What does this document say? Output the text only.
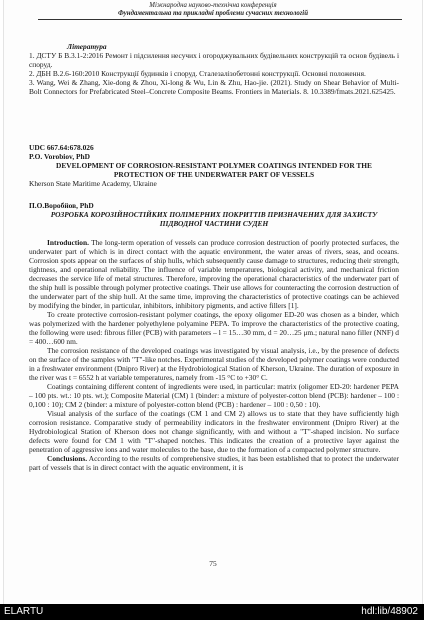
Міжнародна науково-технічна конференція
Фундаментальна та прикладні проблеми сучасних технологій
Література

1. ДСТУ Б В.3.1-2:2016 Ремонт і підсилення несучих і огороджувальних будівельних конструкцій та основ будівель і споруд.

2. ДБН В.2.6-160:2010 Конструкції будинків і споруд. Сталезалізобетонні конструкції. Основні положення.

3. Wang, Wei & Zhang, Xie-dong & Zhou, Xi-long & Wu, Lin & Zhu, Hao-jie. (2021). Study on Shear Behavior of Multi-Bolt Connectors for Prefabricated Steel–Concrete Composite Beams. Frontiers in Materials. 8. 10.3389/fmats.2021.625425.

UDC 667.64:678.026

P.O. Vorobiov, PhD

DEVELOPMENT OF CORROSION-RESISTANT POLYMER COATINGS INTENDED FOR THE PROTECTION OF THE UNDERWATER PART OF VESSELS

Kherson State Maritime Academy, Ukraine

П.О.Воробйов, PhD

РОЗРОБКА КОРОЗІЙНОСТІЙКИХ ПОЛІМЕРНИХ ПОКРИТТІВ ПРИЗНАЧЕНИХ ДЛЯ ЗАХИСТУ ПІДВОДНОЇ ЧАСТИНИ СУДЕН

Introduction. The long-term operation of vessels can produce corrosion destruction of poorly protected surfaces, the underwater part of which is in direct contact with the aquatic environment, the water areas of rivers, seas, and oceans. Corrosion spots appear on the surfaces of ship hulls, which subsequently cause damage to structures, reducing their strength, tightness, and operational reliability. The influence of variable temperatures, biological activity, and mechanical friction decreases the service life of metal structures. Therefore, improving the operational characteristics of the underwater part of the ship hull is possible through polymer protective coatings. Their use allows for counteracting the corrosion destruction of the underwater part of the ship hull. At the same time, improving the characteristics of protective coatings can be achieved by modifying the binder, in particular, inhibitors, inhibitory pigments, and active fillers [1].

To create protective corrosion-resistant polymer coatings, the epoxy oligomer ED-20 was chosen as a binder, which was polymerized with the hardener polyethylene polyamine PEPA. To improve the characteristics of the protective coating, the following were used: fibrous filler (PCB) with parameters – l = 15…30 mm, d = 20…25 μm.; natural nano filler (NNF) d = 400…600 nm.

The corrosion resistance of the developed coatings was investigated by visual analysis, i.e., by the presence of defects on the surface of the samples with "T"-like notches. Experimental studies of the developed polymer coatings were conducted in a freshwater environment (Dnipro River) at the Hydrobiological Station of Kherson, Ukraine. The duration of exposure in the river was t = 6552 h at variable temperatures, namely from -15 °C to +30° C.

Coatings containing different content of ingredients were used, in particular: matrix (oligomer ED-20: hardener PEPA – 100 pts. wt.: 10 pts. wt.); Composite Material (CM) 1 (binder: a mixture of polyester-cotton blend (PCB): hardener – 100 : 0,100 : 10); CM 2 (binder: a mixture of polyester-cotton blend (PCB) : hardener – 100 : 0,50 : 10).

Visual analysis of the surface of the coatings (CM 1 and CM 2) allows us to state that they have sufficiently high corrosion resistance. Comparative study of permeability indicators in the freshwater environment (Dnipro River) at the Hydrobiological Station of Kherson does not change significantly, with and without a "T"-shaped incision. No surface defects were found for CM 1 with "T"-shaped notches. This indicates the creation of a protective layer against the penetration of aggressive ions and water molecules to the base, due to the formation of a compacted polymer structure.

Conclusions. According to the results of comprehensive studies, it has been established that to protect the underwater part of vessels that is in direct contact with the aquatic environment, it is

75
ELARTU	hdl:lib/48902
